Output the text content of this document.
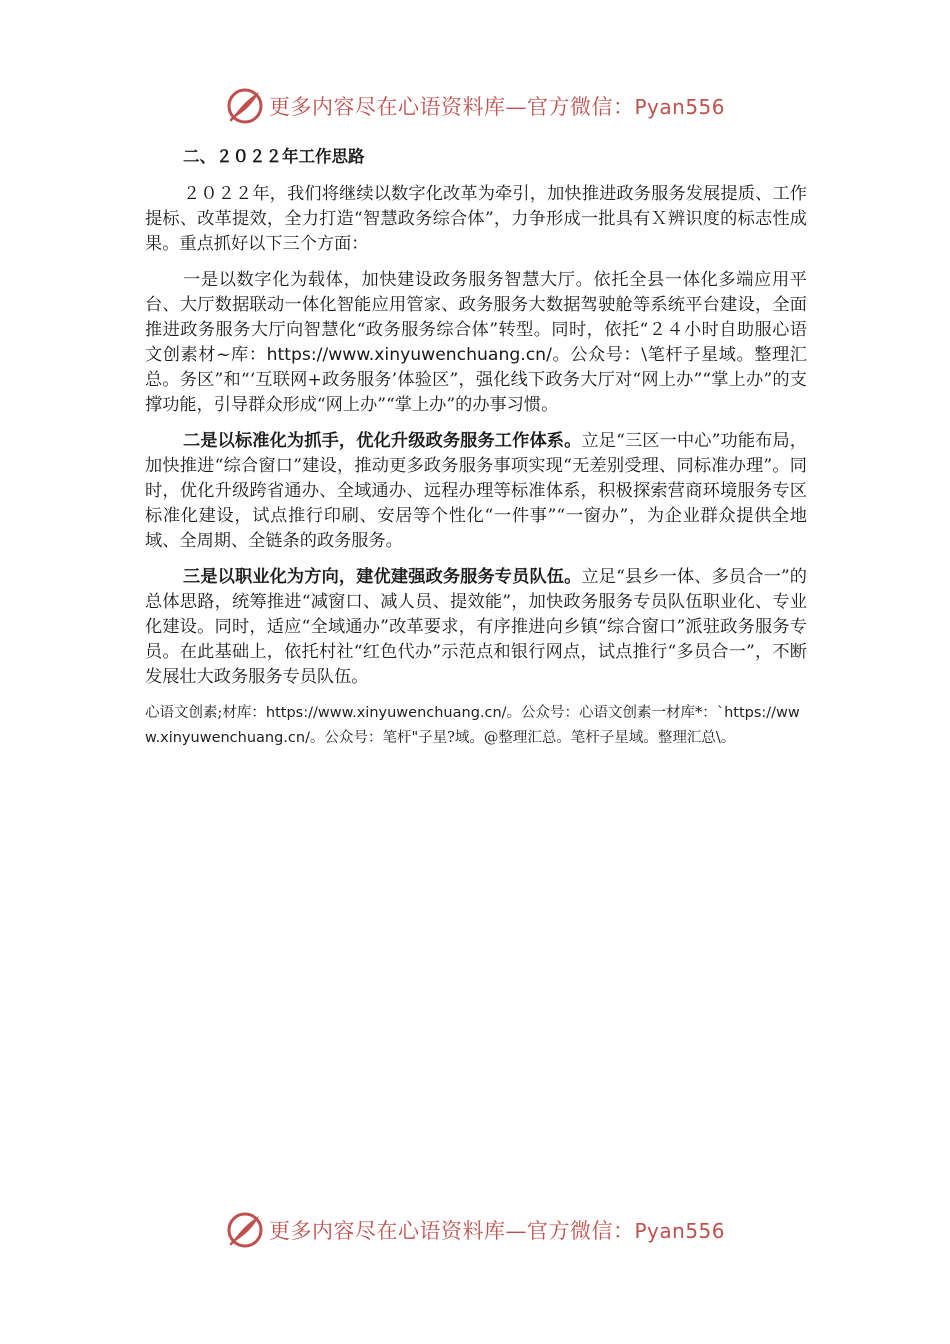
更多内容尽在心语资料库—官方微信：Pyan556
二、２０２２年工作思路

２０２２年，我们将继续以数字化改革为牵引，加快推进政务服务发展提质、工作提标、改革提效，全力打造“智慧政务综合体”，力争形成一批具有Ｘ辨识度的标志性成果。重点抓好以下三个方面：

一是以数字化为载体，加快建设政务服务智慧大厅。依托全县一体化多端应用平台、大厅数据联动一体化智能应用管家、政务服务大数据驾驶舱等系统平台建设，全面推进政务服务大厅向智慧化“政务服务综合体”转型。同时，依托“２４小时自助服心语文创素材~库：https://www.xinyuwenchuang.cn/。公众号：\笔杆子星域。整理汇总。务区”和“‘互联网+政务服务’体验区”，强化线下政务大厅对“网上办”“掌上办”的支撑功能，引导群众形成“网上办”“掌上办”的办事习惯。

二是以标准化为抓手，优化升级政务服务工作体系。立足“三区一中心”功能布局，加快推进“综合窗口”建设，推动更多政务服务事项实现“无差别受理、同标准办理”。同时，优化升级跨省通办、全域通办、远程办理等标准体系，积极探索营商环境服务专区标准化建设，试点推行印刷、安居等个性化“一件事”“一窗办”，为企业群众提供全地域、全周期、全链条的政务服务。

三是以职业化为方向，建优建强政务服务专员队伍。立足“县乡一体、多员合一”的总体思路，统筹推进“减窗口、减人员、提效能”，加快政务服务专员队伍职业化、专业化建设。同时，适应“全域通办”改革要求，有序推进向乡镇“综合窗口”派驻政务服务专员。在此基础上，依托村社“红色代办”示范点和银行网点，试点推行“多员合一”，不断发展壮大政务服务专员队伍。

心语文创素;材库：https://www.xinyuwenchuang.cn/。公众号：心语文创素一材库*：`https://www.xinyuwenchuang.cn/。公众号：笔杆"子星?域。@整理汇总。笔杆子星域。整理汇总\。

更多内容尽在心语资料库—官方微信：Pyan556
